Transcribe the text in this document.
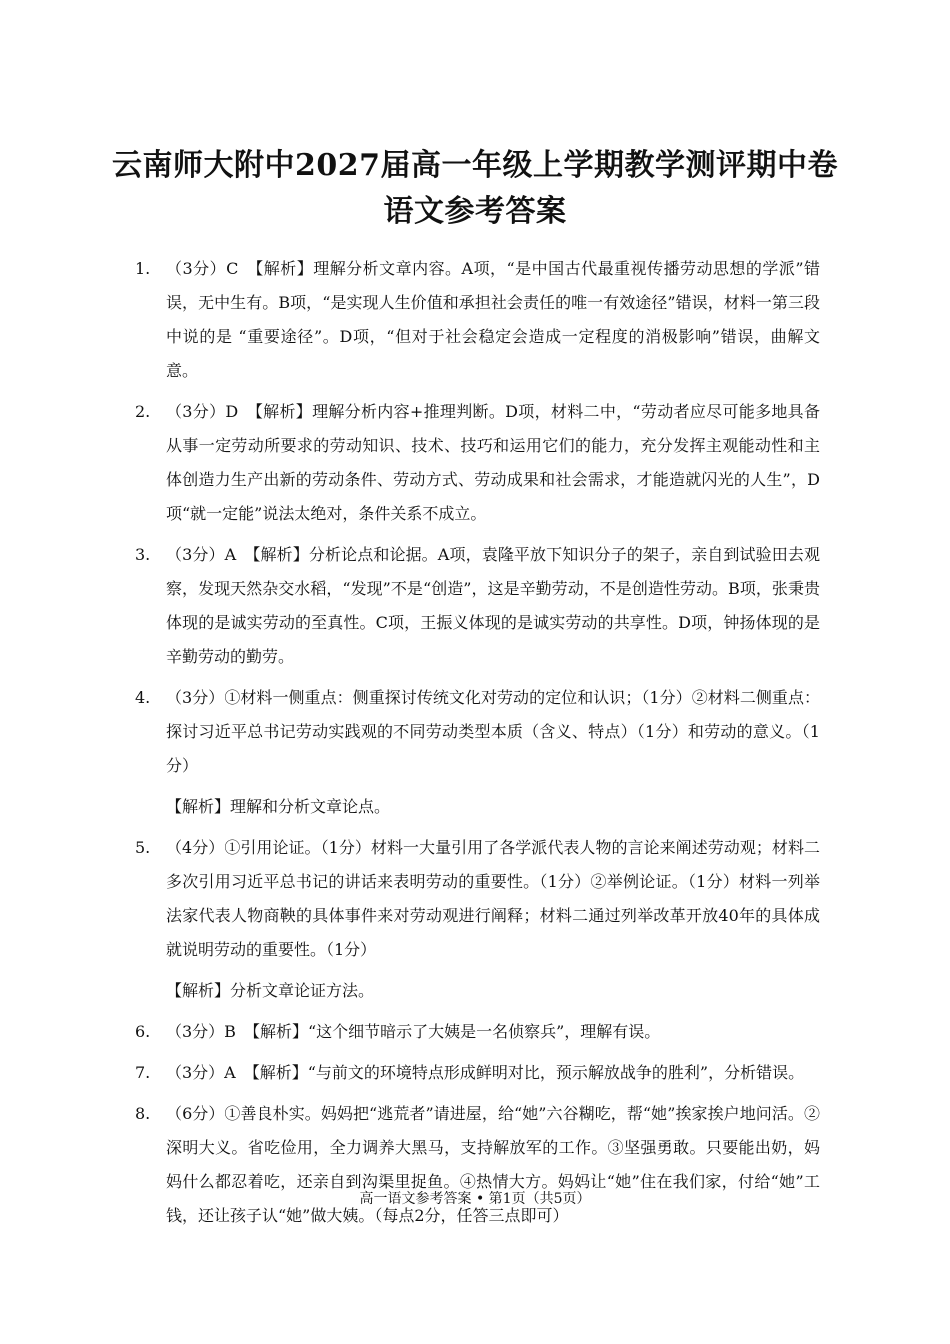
云南师大附中2027届高一年级上学期教学测评期中卷
语文参考答案
1. （3分）C　【解析】理解分析文章内容。A项，“是中国古代最重视传播劳动思想的学派”错误，无中生有。B项，“是实现人生价值和承担社会责任的唯一有效途径”错误，材料一第三段中说的是 “重要途径”。D项，“但对于社会稳定会造成一定程度的消极影响”错误，曲解文意。

2. （3分）D　【解析】理解分析内容+推理判断。D项，材料二中，“劳动者应尽可能多地具备从事一定劳动所要求的劳动知识、技术、技巧和运用它们的能力，充分发挥主观能动性和主体创造力生产出新的劳动条件、劳动方式、劳动成果和社会需求，才能造就闪光的人生”，D项“就一定能”说法太绝对，条件关系不成立。

3. （3分）A　【解析】分析论点和论据。A项，袁隆平放下知识分子的架子，亲自到试验田去观察，发现天然杂交水稻，“发现”不是“创造”，这是辛勤劳动，不是创造性劳动。B项，张秉贵体现的是诚实劳动的至真性。C项，王振义体现的是诚实劳动的共享性。D项，钟扬体现的是辛勤劳动的勤劳。

4. （3分）①材料一侧重点：侧重探讨传统文化对劳动的定位和认识；（1分）②材料二侧重点：探讨习近平总书记劳动实践观的不同劳动类型本质（含义、特点）（1分）和劳动的意义。（1分）

【解析】理解和分析文章论点。

5. （4分）①引用论证。（1分）材料一大量引用了各学派代表人物的言论来阐述劳动观；材料二多次引用习近平总书记的讲话来表明劳动的重要性。（1分）②举例论证。（1分）材料一列举法家代表人物商鞅的具体事件来对劳动观进行阐释；材料二通过列举改革开放40年的具体成就说明劳动的重要性。（1分）

【解析】分析文章论证方法。

6. （3分）B　【解析】“这个细节暗示了大姨是一名侦察兵”，理解有误。

7. （3分）A　【解析】“与前文的环境特点形成鲜明对比，预示解放战争的胜利”，分析错误。

8. （6分）①善良朴实。妈妈把“逃荒者”请进屋，给“她”六谷糊吃，帮“她”挨家挨户地问活。②深明大义。省吃俭用，全力调养大黑马，支持解放军的工作。③坚强勇敢。只要能出奶，妈妈什么都忍着吃，还亲自到沟渠里捉鱼。④热情大方。妈妈让“她”住在我们家，付给“她”工钱，还让孩子认“她”做大姨。（每点2分，任答三点即可）

高一语文参考答案 • 第1页（共5页）
